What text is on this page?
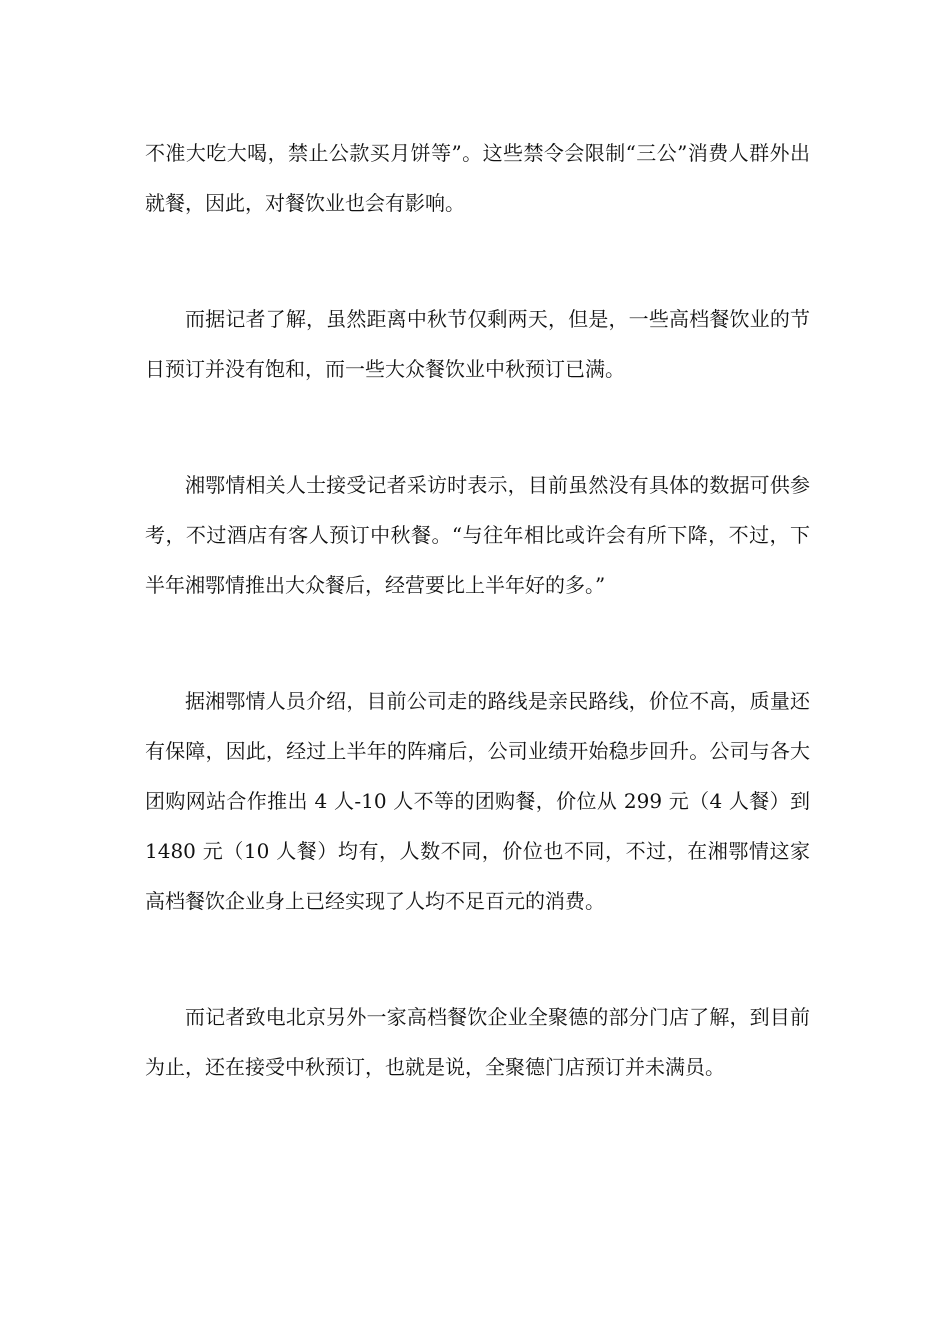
不准大吃大喝，禁止公款买月饼等”。这些禁令会限制“三公”消费人群外出就餐，因此，对餐饮业也会有影响。

而据记者了解，虽然距离中秋节仅剩两天，但是，一些高档餐饮业的节日预订并没有饱和，而一些大众餐饮业中秋预订已满。

湘鄂情相关人士接受记者采访时表示，目前虽然没有具体的数据可供参考，不过酒店有客人预订中秋餐。“与往年相比或许会有所下降，不过，下半年湘鄂情推出大众餐后，经营要比上半年好的多。”

据湘鄂情人员介绍，目前公司走的路线是亲民路线，价位不高，质量还有保障，因此，经过上半年的阵痛后，公司业绩开始稳步回升。公司与各大团购网站合作推出 4 人-10 人不等的团购餐，价位从 299 元（4 人餐）到 1480 元（10 人餐）均有，人数不同，价位也不同，不过，在湘鄂情这家高档餐饮企业身上已经实现了人均不足百元的消费。

而记者致电北京另外一家高档餐饮企业全聚德的部分门店了解，到目前为止，还在接受中秋预订，也就是说，全聚德门店预订并未满员。
